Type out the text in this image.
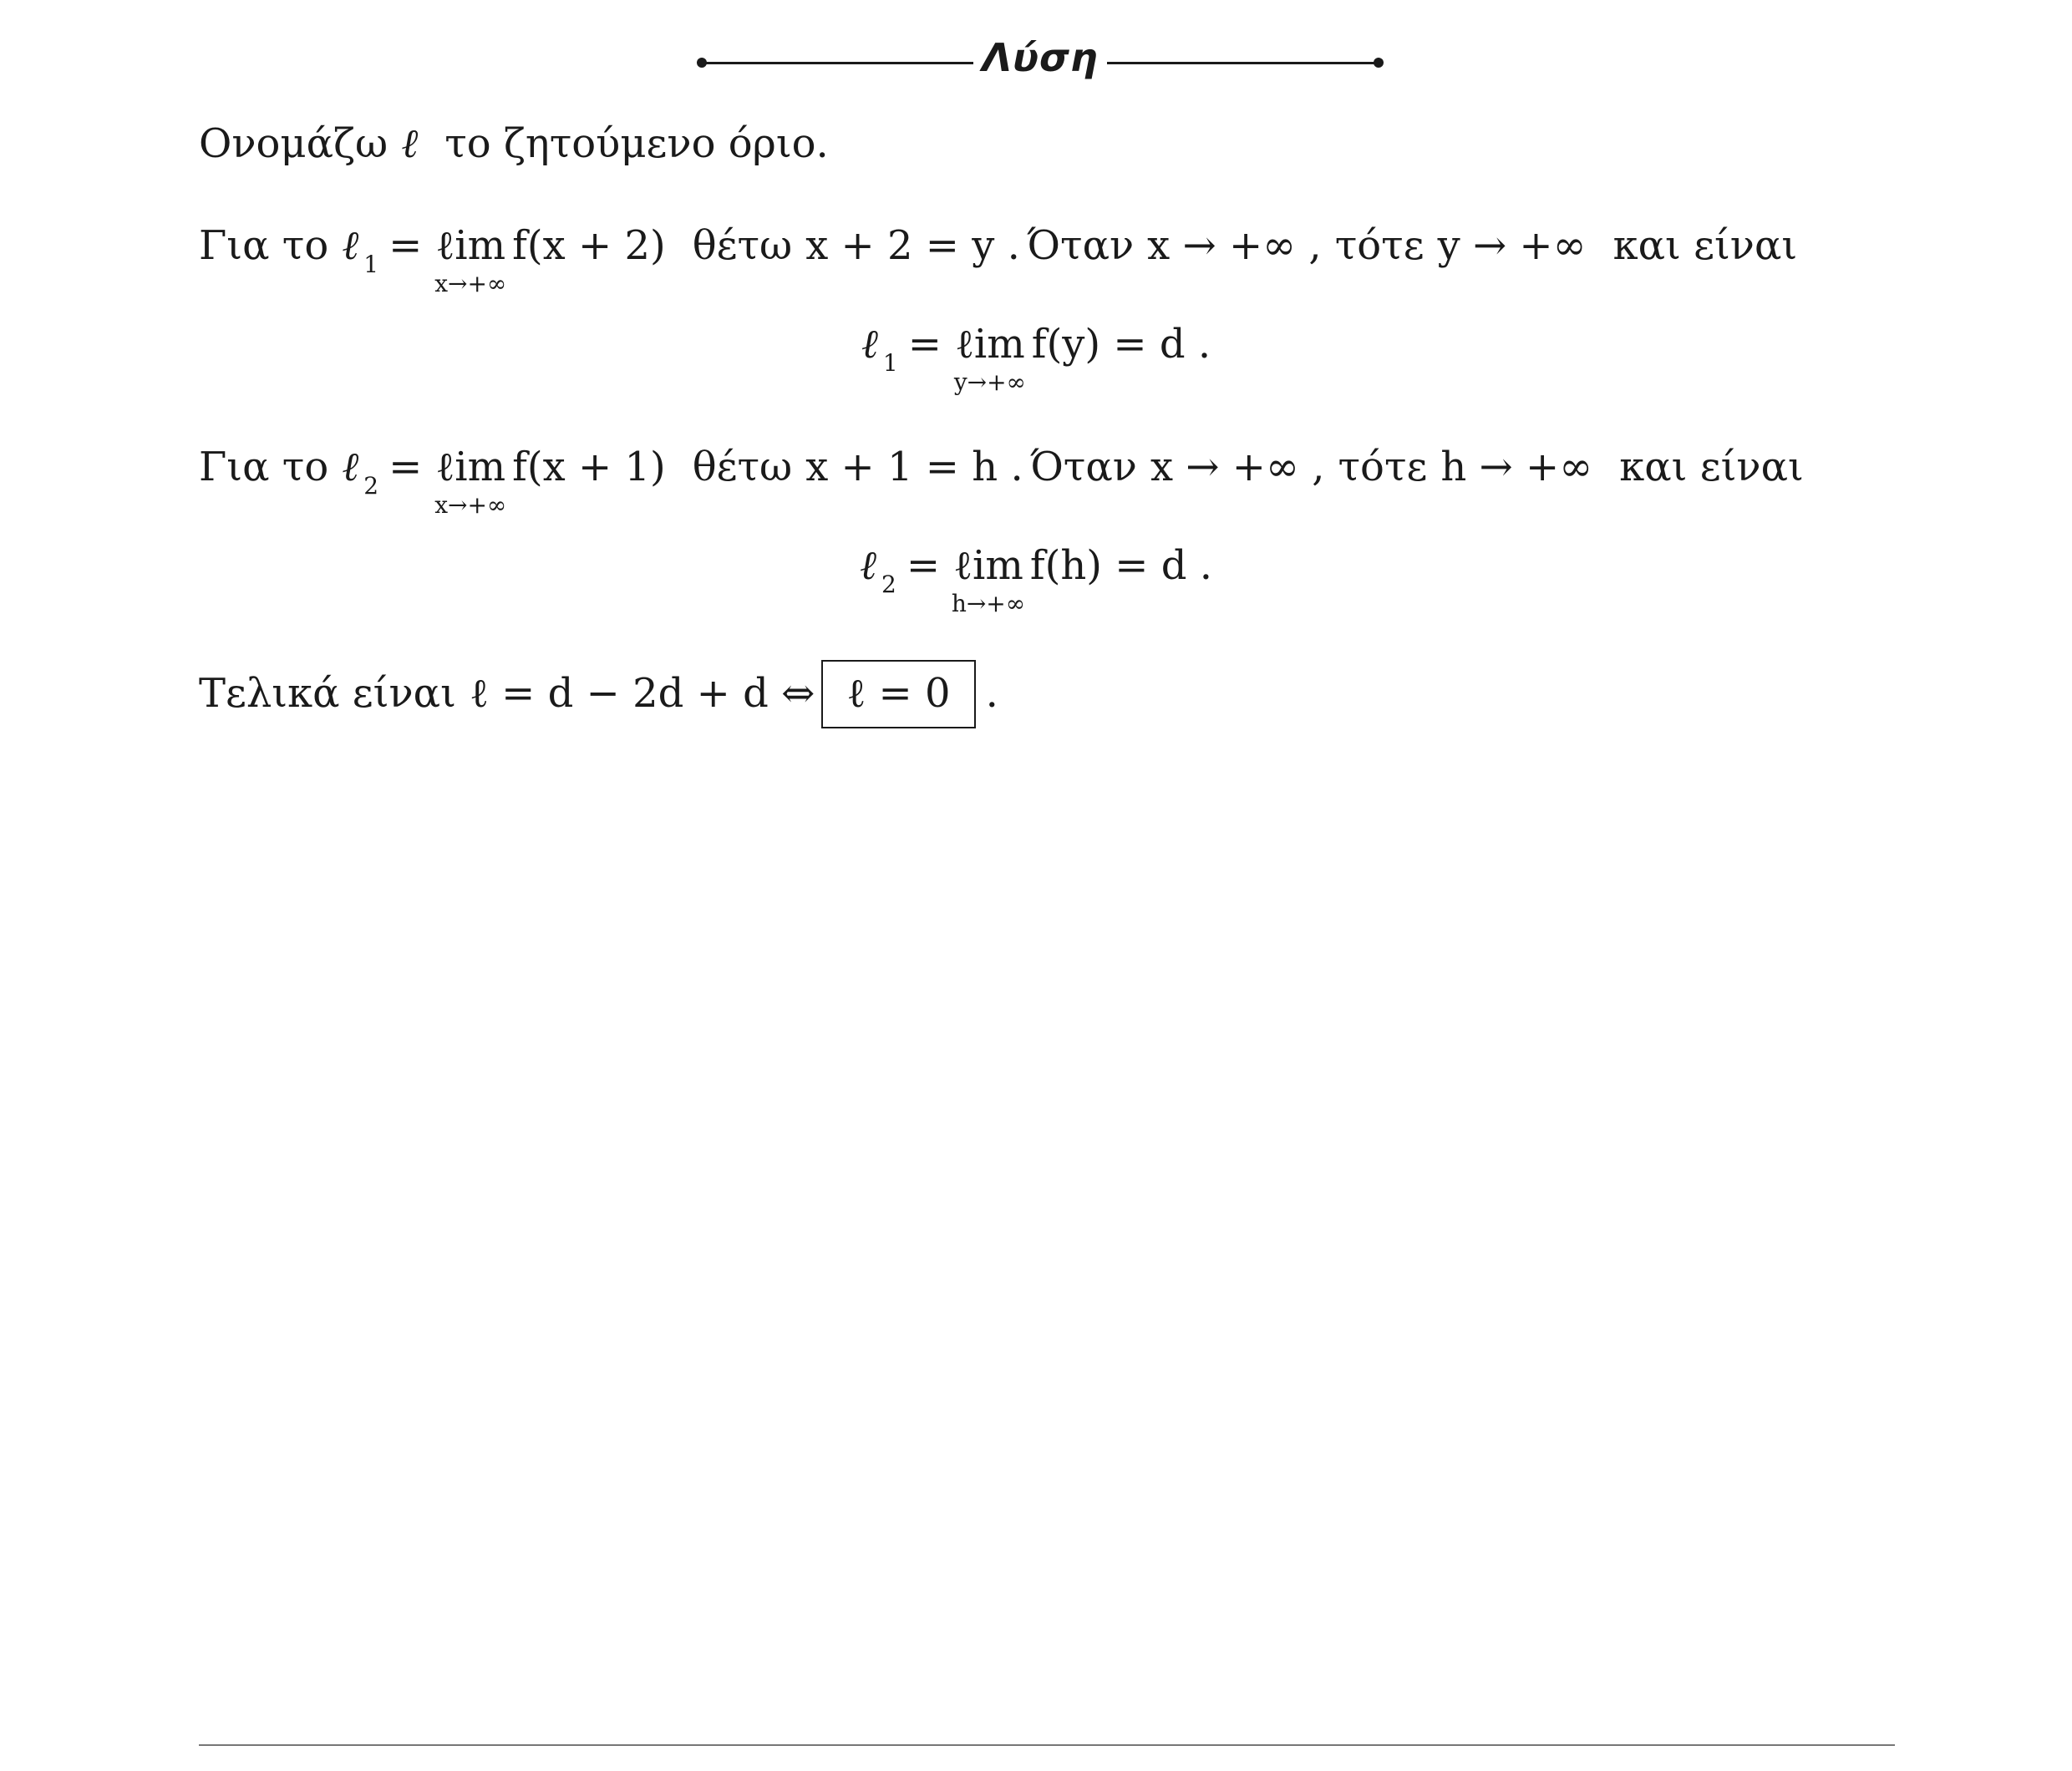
Λύση
Ονομάζω ℓ το ζητούμενο όριο.
Για το ℓ $_1$ = ℓim
x→+∞
f(x + 2) θέτω x + 2 = y . Όταν x → +∞ , τότε y → +∞ και είναι
ℓ $_1$ = ℓim
y→+∞
f(y) = d .
Για το ℓ $_2$ = ℓim
x→+∞
f(x + 1) θέτω x + 1 = h . Όταν x → +∞ , τότε h → +∞ και είναι
ℓ $_2$ = ℓim
h→+∞
f(h) = d .
Τελικά είναι ℓ = d − 2d + d ⇔ ℓ = 0 .
